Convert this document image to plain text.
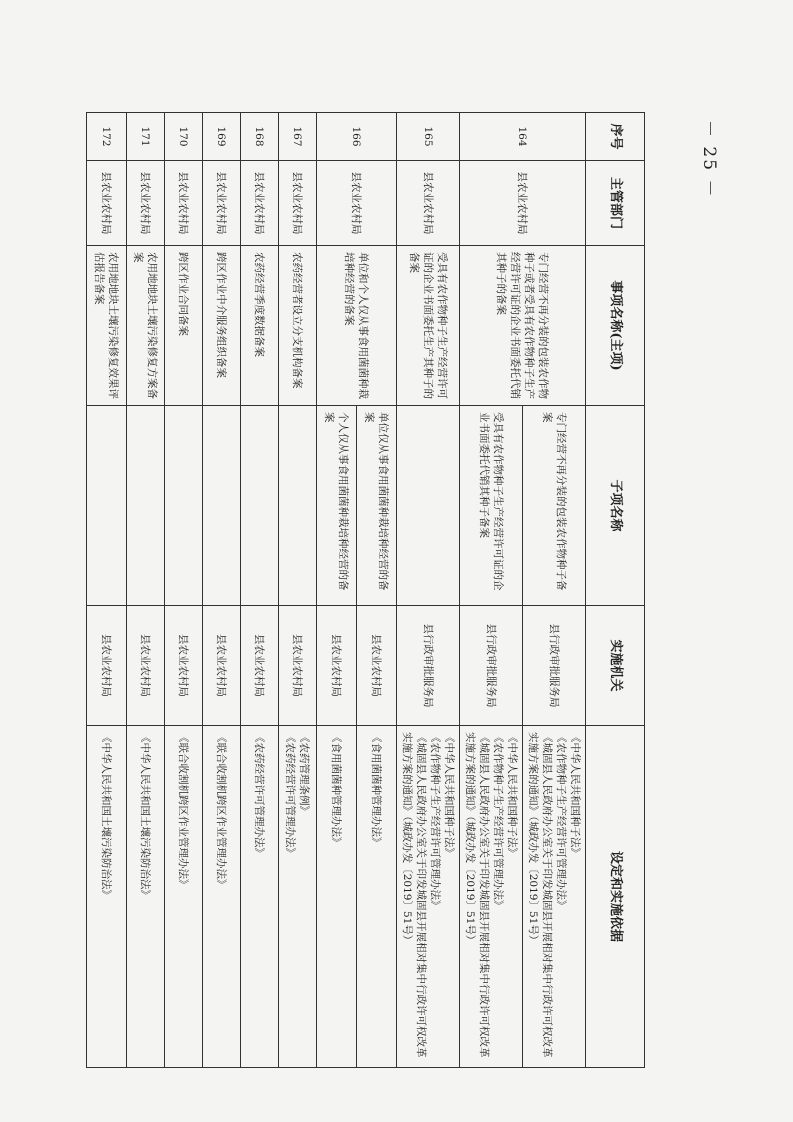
－ 25 －
序号	主管部门	事项名称(主项)	子项名称	实施机关	设定和实施依据
164	县农业农村局	专门经营不再分装的包装农作物种子或者受具有农作物种子生产经营许可证的企业书面委托代销其种子的备案	专门经营不再分装的包装农作物种子备案	县行政审批服务局	《中华人民共和国种子法》
《农作物种子生产经营许可管理办法》
《城固县人民政府办公室关于印发城固县开展相对集中行政许可权改革实施方案的通知》（城政办发〔2019〕51号）

			受具有农作物种子生产经营许可证的企业书面委托代销其种子备案	县行政审批服务局	《中华人民共和国种子法》
《农作物种子生产经营许可管理办法》
《城固县人民政府办公室关于印发城固县开展相对集中行政许可权改革实施方案的通知》（城政办发〔2019〕51号）

165	县农业农村局	受具有农作物种子生产经营许可证的企业书面委托生产其种子的备案		县行政审批服务局	《中华人民共和国种子法》
《农作物种子生产经营许可管理办法》
《城固县人民政府办公室关于印发城固县开展相对集中行政许可权改革实施方案的通知》（城政办发〔2019〕51号）

166	县农业农村局	单位和个人仅从事食用菌菌种栽培种经营的备案	单位仅从事食用菌菌种栽培种经营的备案	县农业农村局	《食用菌菌种管理办法》

			个人仅从事食用菌菌种栽培种经营的备案	县农业农村局	《食用菌菌种管理办法》

167	县农业农村局	农药经营者设立分支机构备案		县农业农村局	《农药管理条例》
《农药经营许可管理办法》

168	县农业农村局	农药经营季度数据备案		县农业农村局	《农药经营许可管理办法》

169	县农业农村局	跨区作业中介服务组织备案		县农业农村局	《联合收割机跨区作业管理办法》

170	县农业农村局	跨区作业合同备案		县农业农村局	《联合收割机跨区作业管理办法》

171	县农业农村局	农用地地块土壤污染修复方案备案		县农业农村局	《中华人民共和国土壤污染防治法》

172	县农业农村局	农用地地块土壤污染修复效果评估报告备案		县农业农村局	《中华人民共和国土壤污染防治法》
